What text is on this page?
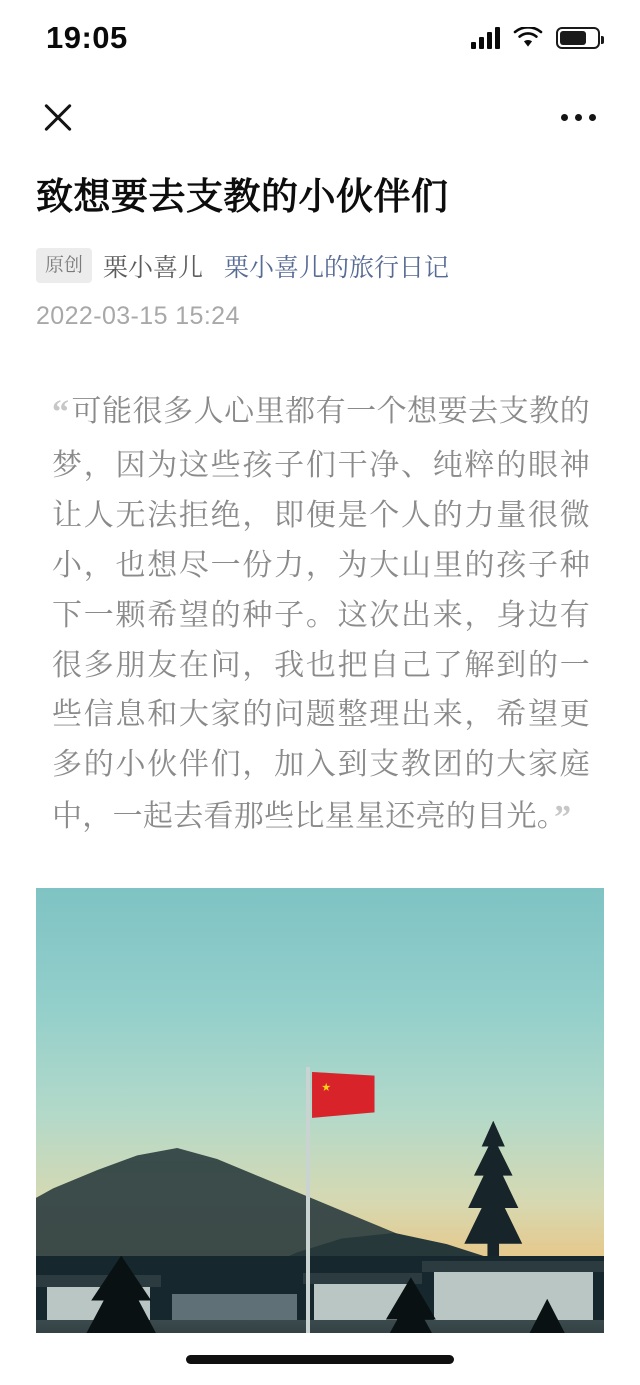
19:05
致想要去支教的小伙伴们
原创 栗小喜儿 栗小喜儿的旅行日记
2022-03-15 15:24

“可能很多人心里都有一个想要去支教的梦，因为这些孩子们干净、纯粹的眼神让人无法拒绝，即便是个人的力量很微小，也想尽一份力，为大山里的孩子种下一颗希望的种子。这次出来，身边有很多朋友在问，我也把自己了解到的一些信息和大家的问题整理出来，希望更多的小伙伴们，加入到支教团的大家庭中，一起去看那些比星星还亮的目光。”
